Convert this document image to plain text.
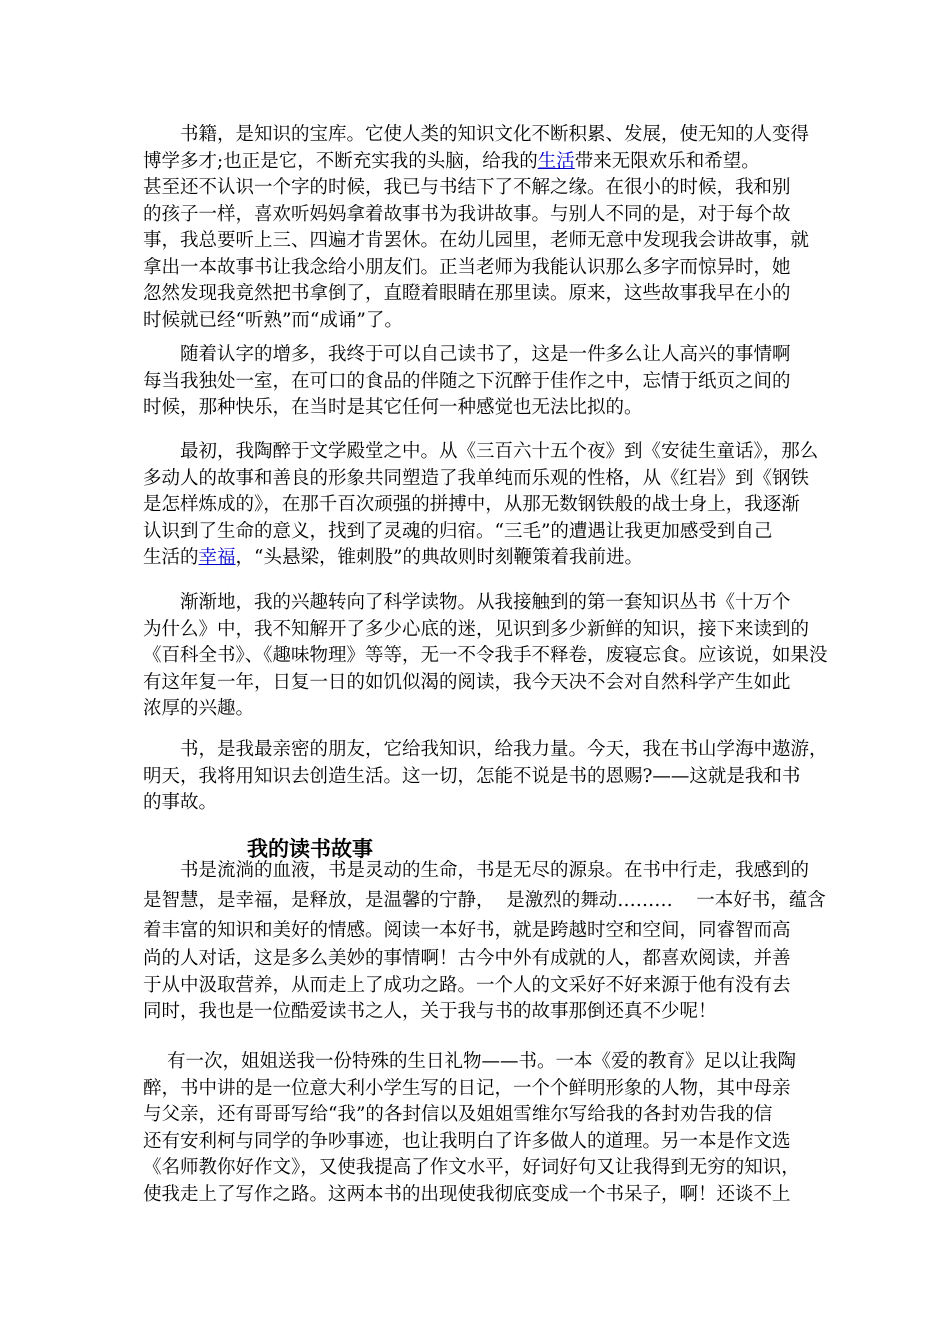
书籍，是知识的宝库。它使人类的知识文化不断积累、发展，使无知的人变得
博学多才;也正是它，不断充实我的头脑，给我的生活带来无限欢乐和希望。
甚至还不认识一个字的时候，我已与书结下了不解之缘。在很小的时候，我和别
的孩子一样，喜欢听妈妈拿着故事书为我讲故事。与别人不同的是，对于每个故
事，我总要听上三、四遍才肯罢休。在幼儿园里，老师无意中发现我会讲故事，就
拿出一本故事书让我念给小朋友们。正当老师为我能认识那么多字而惊异时，她
忽然发现我竟然把书拿倒了，直瞪着眼睛在那里读。原来，这些故事我早在小的
时候就已经“听熟”而“成诵”了。
随着认字的增多，我终于可以自己读书了，这是一件多么让人高兴的事情啊
每当我独处一室，在可口的食品的伴随之下沉醉于佳作之中，忘情于纸页之间的
时候，那种快乐，在当时是其它任何一种感觉也无法比拟的。
最初，我陶醉于文学殿堂之中。从《三百六十五个夜》到《安徒生童话》，那么
多动人的故事和善良的形象共同塑造了我单纯而乐观的性格，从《红岩》到《钢铁
是怎样炼成的》，在那千百次顽强的拼搏中，从那无数钢铁般的战士身上，我逐渐
认识到了生命的意义，找到了灵魂的归宿。“三毛”的遭遇让我更加感受到自己
生活的幸福，“头悬梁，锥刺股”的典故则时刻鞭策着我前进。
渐渐地，我的兴趣转向了科学读物。从我接触到的第一套知识丛书《十万个
为什么》中，我不知解开了多少心底的迷，见识到多少新鲜的知识，接下来读到的
《百科全书》、《趣味物理》等等，无一不令我手不释卷，废寝忘食。应该说，如果没
有这年复一年，日复一日的如饥似渴的阅读，我今天决不会对自然科学产生如此
浓厚的兴趣。
书，是我最亲密的朋友，它给我知识，给我力量。今天，我在书山学海中遨游，
明天，我将用知识去创造生活。这一切，怎能不说是书的恩赐?——这就是我和书
的事故。
我的读书故事
书是流淌的血液，书是灵动的生命，书是无尽的源泉。在书中行走，我感到的
是智慧，是幸福，是释放，是温馨的宁静，  是激烈的舞动………    一本好书，蕴含
着丰富的知识和美好的情感。阅读一本好书，就是跨越时空和空间，同睿智而高
尚的人对话，这是多么美妙的事情啊！古今中外有成就的人，都喜欢阅读，并善
于从中汲取营养，从而走上了成功之路。一个人的文采好不好来源于他有没有去
同时，我也是一位酷爱读书之人，关于我与书的故事那倒还真不少呢！
有一次，姐姐送我一份特殊的生日礼物——书。一本《爱的教育》足以让我陶
醉，书中讲的是一位意大利小学生写的日记，一个个鲜明形象的人物，其中母亲
与父亲，还有哥哥写给“我”的各封信以及姐姐雪维尔写给我的各封劝告我的信
还有安利柯与同学的争吵事迹，也让我明白了许多做人的道理。另一本是作文选
《名师教你好作文》，又使我提高了作文水平，好词好句又让我得到无穷的知识，
使我走上了写作之路。这两本书的出现使我彻底变成一个书呆子，啊！还谈不上
